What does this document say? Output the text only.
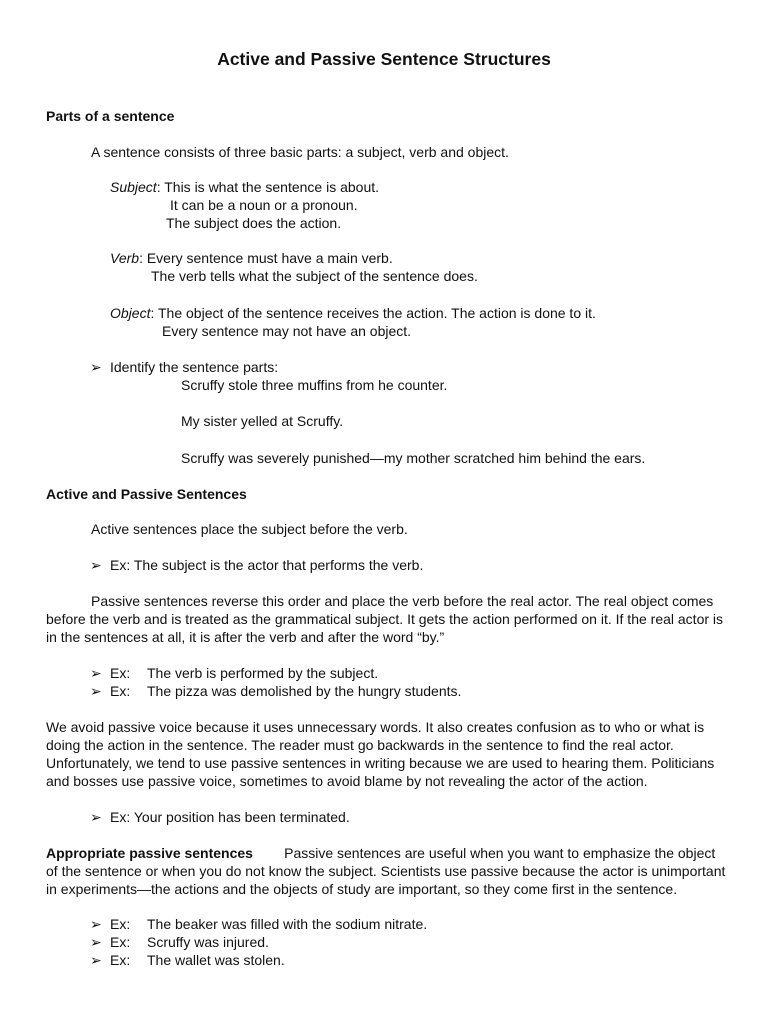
Active and Passive Sentence Structures
Parts of a sentence
A sentence consists of three basic parts: a subject, verb and object.
Subject: This is what the sentence is about.
It can be a noun or a pronoun.
The subject does the action.
Verb: Every sentence must have a main verb.
The verb tells what the subject of the sentence does.
Object: The object of the sentence receives the action. The action is done to it.
Every sentence may not have an object.
➢ Identify the sentence parts:
Scruffy stole three muffins from he counter.
My sister yelled at Scruffy.
Scruffy was severely punished—my mother scratched him behind the ears.
Active and Passive Sentences
Active sentences place the subject before the verb.
➢ Ex: The subject is the actor that performs the verb.
Passive sentences reverse this order and place the verb before the real actor. The real object comes before the verb and is treated as the grammatical subject. It gets the action performed on it. If the real actor is in the sentences at all, it is after the verb and after the word “by.”
➢ Ex: The verb is performed by the subject.
➢ Ex: The pizza was demolished by the hungry students.
We avoid passive voice because it uses unnecessary words. It also creates confusion as to who or what is doing the action in the sentence. The reader must go backwards in the sentence to find the real actor. Unfortunately, we tend to use passive sentences in writing because we are used to hearing them. Politicians and bosses use passive voice, sometimes to avoid blame by not revealing the actor of the action.
➢ Ex: Your position has been terminated.
Appropriate passive sentences Passive sentences are useful when you want to emphasize the object of the sentence or when you do not know the subject. Scientists use passive because the actor is unimportant in experiments—the actions and the objects of study are important, so they come first in the sentence.
➢ Ex: The beaker was filled with the sodium nitrate.
➢ Ex: Scruffy was injured.
➢ Ex: The wallet was stolen.
